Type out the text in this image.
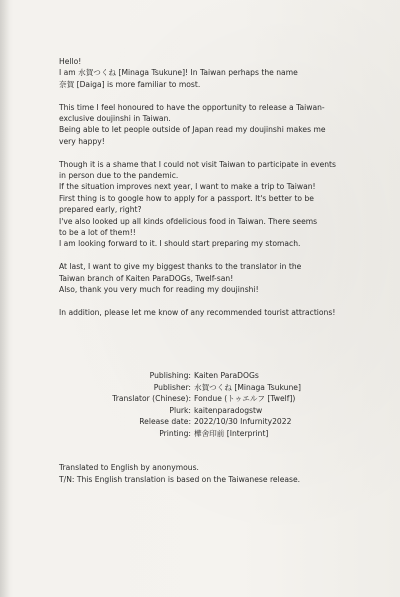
Hello!
I am 水賀つくね [Minaga Tsukune]! In Taiwan perhaps the name
奈賀 [Daiga] is more familiar to most.

This time I feel honoured to have the opportunity to release a Taiwan-
exclusive doujinshi in Taiwan.
Being able to let people outside of Japan read my doujinshi makes me
very happy!

Though it is a shame that I could not visit Taiwan to participate in events
in person due to the pandemic.
If the situation improves next year, I want to make a trip to Taiwan!
First thing is to google how to apply for a passport. It's better to be
prepared early, right?
I've also looked up all kinds ofdelicious food in Taiwan. There seems
to be a lot of them!!
I am looking forward to it. I should start preparing my stomach.

At last, I want to give my biggest thanks to the translator in the
Taiwan branch of Kaiten ParaDOGs, Twelf-san!
Also, thank you very much for reading my doujinshi!

In addition, please let me know of any recommended tourist attractions!

Publishing: Kaiten ParaDOGs
Publisher: 水賀つくね [Minaga Tsukune]
Translator (Chinese): Fondue (トゥエルフ [Twelf])
Plurk: kaitenparadogstw
Release date: 2022/10/30 Infurnity2022
Printing: 樺舍印前 [Interprint]
Translated to English by anonymous.
T/N: This English translation is based on the Taiwanese release.
